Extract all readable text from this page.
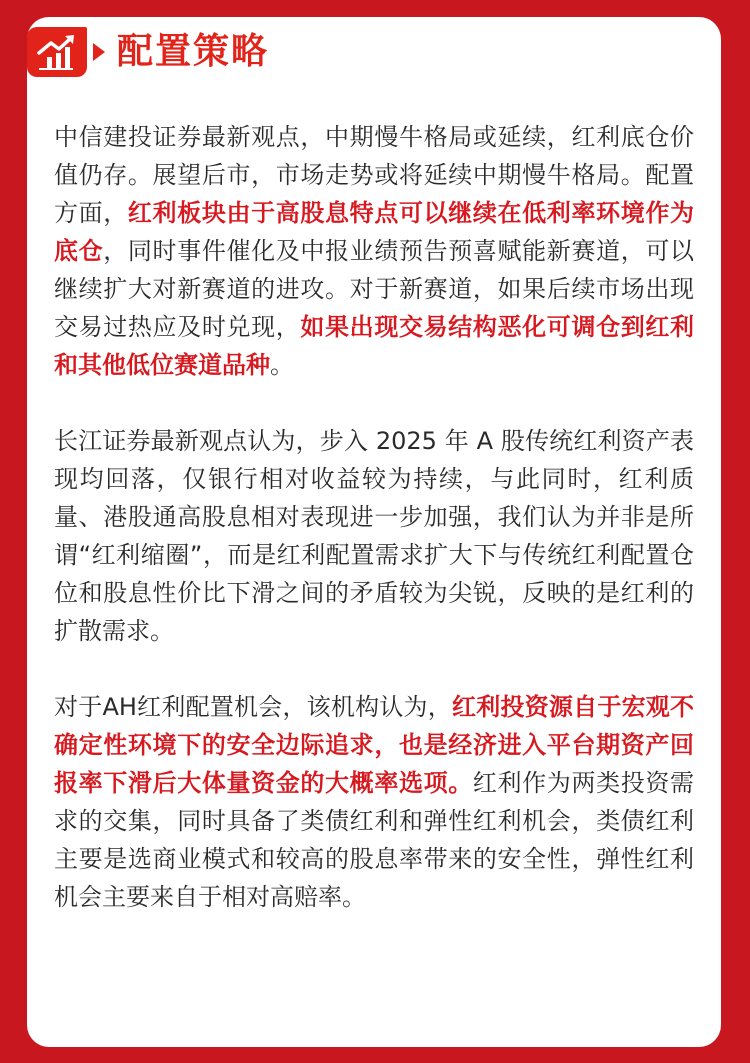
配置策略

中信建投证券最新观点，中期慢牛格局或延续，红利底仓价值仍存。展望后市，市场走势或将延续中期慢牛格局。配置方面，红利板块由于高股息特点可以继续在低利率环境作为底仓，同时事件催化及中报业绩预告预喜赋能新赛道，可以继续扩大对新赛道的进攻。对于新赛道，如果后续市场出现交易过热应及时兑现，如果出现交易结构恶化可调仓到红利和其他低位赛道品种。

长江证券最新观点认为，步入 2025 年 A 股传统红利资产表现均回落，仅银行相对收益较为持续，与此同时，红利质量、港股通高股息相对表现进一步加强，我们认为并非是所谓“红利缩圈”，而是红利配置需求扩大下与传统红利配置仓位和股息性价比下滑之间的矛盾较为尖锐，反映的是红利的扩散需求。

对于AH红利配置机会，该机构认为，红利投资源自于宏观不确定性环境下的安全边际追求，也是经济进入平台期资产回报率下滑后大体量资金的大概率选项。红利作为两类投资需求的交集，同时具备了类债红利和弹性红利机会，类债红利主要是选商业模式和较高的股息率带来的安全性，弹性红利机会主要来自于相对高赔率。
